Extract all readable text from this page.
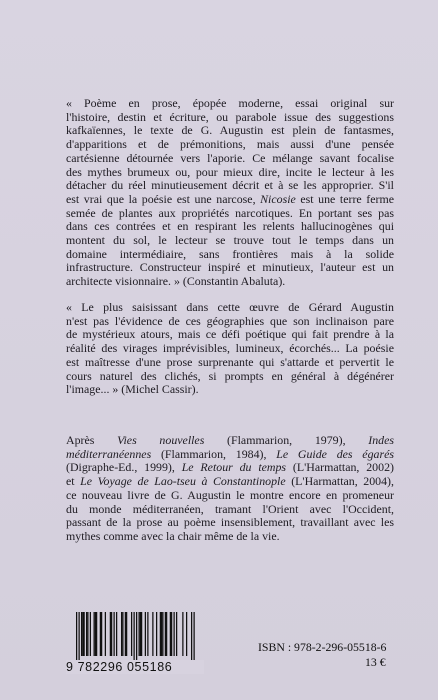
« Poème en prose, épopée moderne, essai original sur
l'histoire, destin et écriture, ou parabole issue des suggestions
kafkaïennes, le texte de G. Augustin est plein de fantasmes,
d'apparitions et de prémonitions, mais aussi d'une pensée
cartésienne détournée vers l'aporie. Ce mélange savant focalise
des mythes brumeux ou, pour mieux dire, incite le lecteur à les
détacher du réel minutieusement décrit et à se les approprier. S'il
est vrai que la poésie est une narcose, Nicosie est une terre ferme
semée de plantes aux propriétés narcotiques. En portant ses pas
dans ces contrées et en respirant les relents hallucinogènes qui
montent du sol, le lecteur se trouve tout le temps dans un
domaine intermédiaire, sans frontières mais à la solide
infrastructure. Constructeur inspiré et minutieux, l'auteur est un
architecte visionnaire. » (Constantin Abaluta).
« Le plus saisissant dans cette œuvre de Gérard Augustin
n'est pas l'évidence de ces géographies que son inclinaison pare
de mystérieux atours, mais ce défi poétique qui fait prendre à la
réalité des virages imprévisibles, lumineux, écorchés... La poésie
est maîtresse d'une prose surprenante qui s'attarde et pervertit le
cours naturel des clichés, si prompts en général à dégénérer
l'image... » (Michel Cassir).
Après Vies nouvelles (Flammarion, 1979), Indes
méditerranéennes (Flammarion, 1984), Le Guide des égarés
(Digraphe-Ed., 1999), Le Retour du temps (L'Harmattan, 2002)
et Le Voyage de Lao-tseu à Constantinople (L'Harmattan, 2004),
ce nouveau livre de G. Augustin le montre encore en promeneur
du monde méditerranéen, tramant l'Orient avec l'Occident,
passant de la prose au poème insensiblement, travaillant avec les
mythes comme avec la chair même de la vie.
9 782296 055186
ISBN : 978-2-296-05518-6
13 €
